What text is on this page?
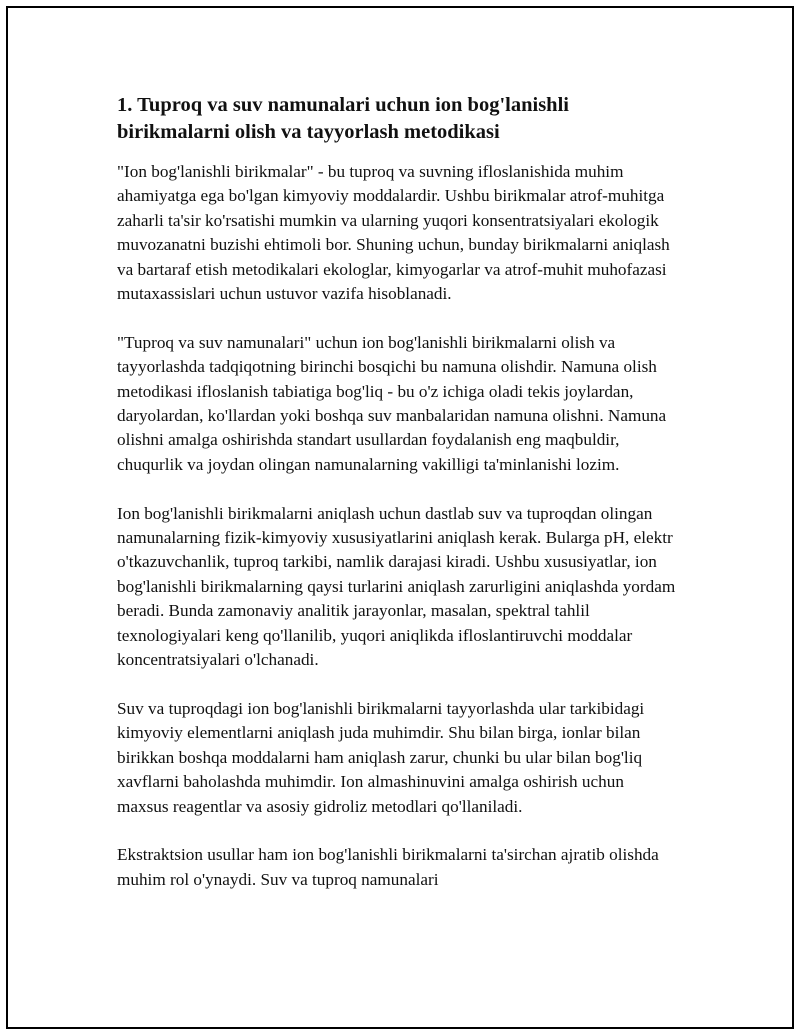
1. Tuproq va suv namunalari uchun ion bog'lanishli birikmalarni olish va tayyorlash metodikasi

"Ion bog'lanishli birikmalar" - bu tuproq va suvning ifloslanishida muhim ahamiyatga ega bo'lgan kimyoviy moddalardir. Ushbu birikmalar atrof-muhitga zaharli ta'sir ko'rsatishi mumkin va ularning yuqori konsentratsiyalari ekologik muvozanatni buzishi ehtimoli bor. Shuning uchun, bunday birikmalarni aniqlash va bartaraf etish metodikalari ekologlar, kimyogarlar va atrof-muhit muhofazasi mutaxassislari uchun ustuvor vazifa hisoblanadi.

"Tuproq va suv namunalari" uchun ion bog'lanishli birikmalarni olish va tayyorlashda tadqiqotning birinchi bosqichi bu namuna olishdir. Namuna olish metodikasi ifloslanish tabiatiga bog'liq - bu o'z ichiga oladi tekis joylardan, daryolardan, ko'llardan yoki boshqa suv manbalaridan namuna olishni. Namuna olishni amalga oshirishda standart usullardan foydalanish eng maqbuldir, chuqurlik va joydan olingan namunalarning vakilligi ta'minlanishi lozim.

Ion bog'lanishli birikmalarni aniqlash uchun dastlab suv va tuproqdan olingan namunalarning fizik-kimyoviy xususiyatlarini aniqlash kerak. Bularga pH, elektr o'tkazuvchanlik, tuproq tarkibi, namlik darajasi kiradi. Ushbu xususiyatlar, ion bog'lanishli birikmalarning qaysi turlarini aniqlash zarurligini aniqlashda yordam beradi. Bunda zamonaviy analitik jarayonlar, masalan, spektral tahlil texnologiyalari keng qo'llanilib, yuqori aniqlikda ifloslantiruvchi moddalar koncentratsiyalari o'lchanadi.

Suv va tuproqdagi ion bog'lanishli birikmalarni tayyorlashda ular tarkibidagi kimyoviy elementlarni aniqlash juda muhimdir. Shu bilan birga, ionlar bilan birikkan boshqa moddalarni ham aniqlash zarur, chunki bu ular bilan bog'liq xavflarni baholashda muhimdir. Ion almashinuvini amalga oshirish uchun maxsus reagentlar va asosiy gidroliz metodlari qo'llaniladi.

Ekstraktsion usullar ham ion bog'lanishli birikmalarni ta'sirchan ajratib olishda muhim rol o'ynaydi. Suv va tuproq namunalari
